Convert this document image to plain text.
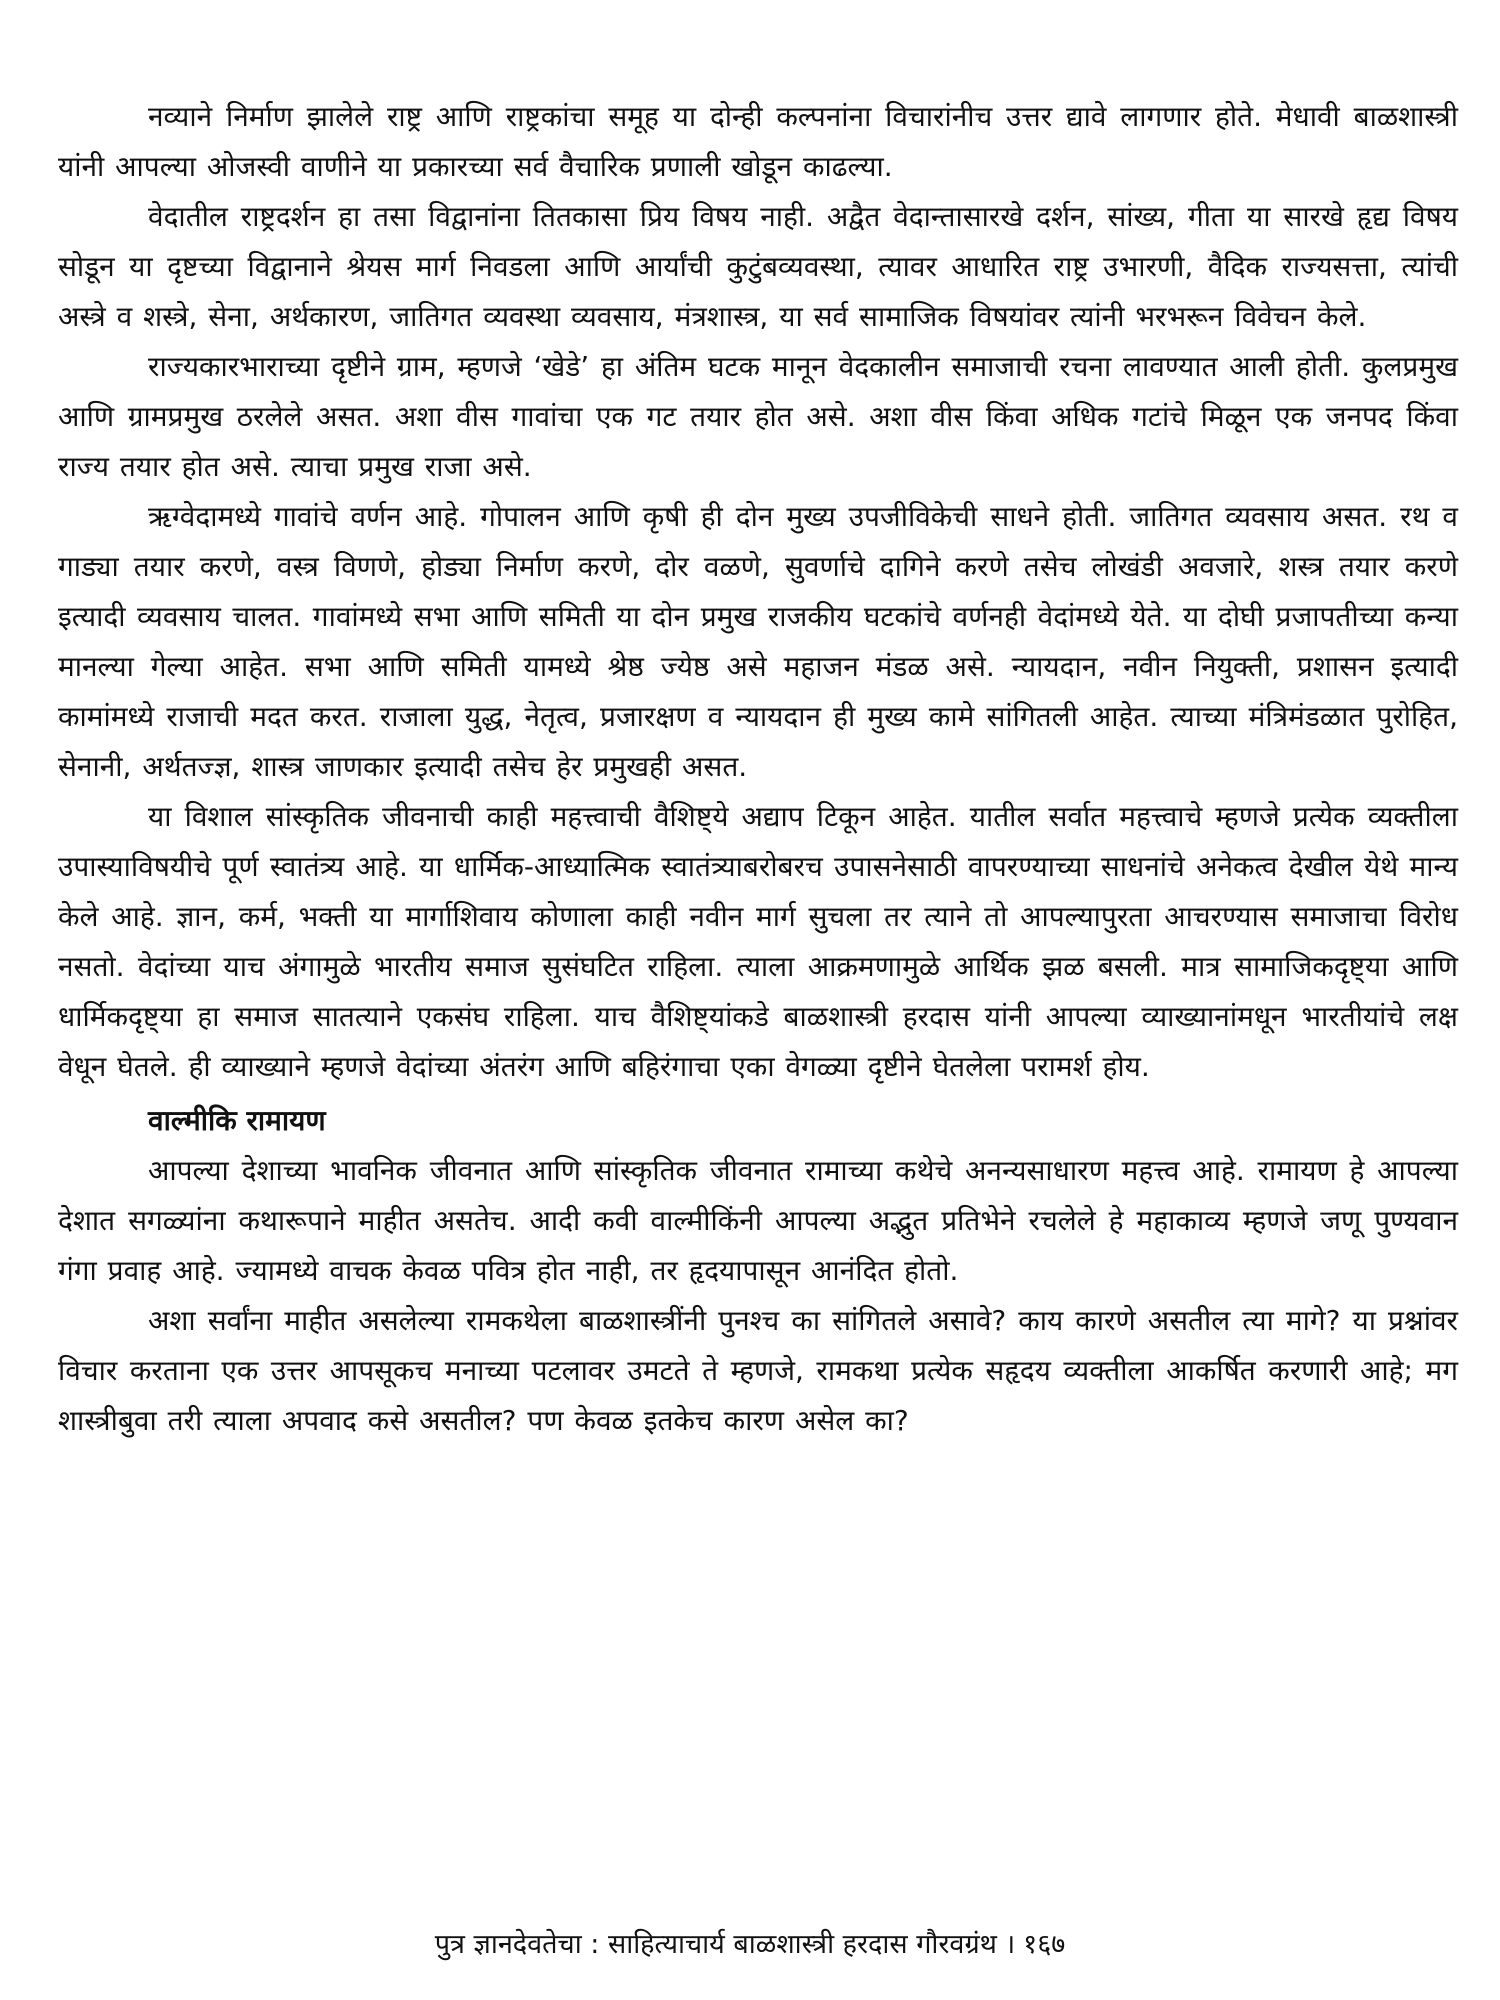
नव्याने निर्माण झालेले राष्ट्र आणि राष्ट्रकांचा समूह या दोन्ही कल्पनांना विचारांनीच उत्तर द्यावे लागणार होते. मेधावी बाळशास्त्री यांनी आपल्या ओजस्वी वाणीने या प्रकारच्या सर्व वैचारिक प्रणाली खोडून काढल्या.

वेदातील राष्ट्रदर्शन हा तसा विद्वानांना तितकासा प्रिय विषय नाही. अद्वैत वेदान्तासारखे दर्शन, सांख्य, गीता या सारखे हृद्य विषय सोडून या दृष्टच्या विद्वानाने श्रेयस मार्ग निवडला आणि आर्यांची कुटुंबव्यवस्था, त्यावर आधारित राष्ट्र उभारणी, वैदिक राज्यसत्ता, त्यांची अस्त्रे व शस्त्रे, सेना, अर्थकारण, जातिगत व्यवस्था व्यवसाय, मंत्रशास्त्र, या सर्व सामाजिक विषयांवर त्यांनी भरभरून विवेचन केले.

राज्यकारभाराच्या दृष्टीने ग्राम, म्हणजे ‘खेडे’ हा अंतिम घटक मानून वेदकालीन समाजाची रचना लावण्यात आली होती. कुलप्रमुख आणि ग्रामप्रमुख ठरलेले असत. अशा वीस गावांचा एक गट तयार होत असे. अशा वीस किंवा अधिक गटांचे मिळून एक जनपद किंवा राज्य तयार होत असे. त्याचा प्रमुख राजा असे.

ऋग्वेदामध्ये गावांचे वर्णन आहे. गोपालन आणि कृषी ही दोन मुख्य उपजीविकेची साधने होती. जातिगत व्यवसाय असत. रथ व गाड्या तयार करणे, वस्त्र विणणे, होड्या निर्माण करणे, दोर वळणे, सुवर्णाचे दागिने करणे तसेच लोखंडी अवजारे, शस्त्र तयार करणे इत्यादी व्यवसाय चालत. गावांमध्ये सभा आणि समिती या दोन प्रमुख राजकीय घटकांचे वर्णनही वेदांमध्ये येते. या दोघी प्रजापतीच्या कन्या मानल्या गेल्या आहेत. सभा आणि समिती यामध्ये श्रेष्ठ ज्येष्ठ असे महाजन मंडळ असे. न्यायदान, नवीन नियुक्ती, प्रशासन इत्यादी कामांमध्ये राजाची मदत करत. राजाला युद्ध, नेतृत्व, प्रजारक्षण व न्यायदान ही मुख्य कामे सांगितली आहेत. त्याच्या मंत्रिमंडळात पुरोहित, सेनानी, अर्थतज्ज्ञ, शास्त्र जाणकार इत्यादी तसेच हेर प्रमुखही असत.

या विशाल सांस्कृतिक जीवनाची काही महत्त्वाची वैशिष्ट्ये अद्याप टिकून आहेत. यातील सर्वात महत्त्वाचे म्हणजे प्रत्येक व्यक्तीला उपास्याविषयीचे पूर्ण स्वातंत्र्य आहे. या धार्मिक-आध्यात्मिक स्वातंत्र्याबरोबरच उपासनेसाठी वापरण्याच्या साधनांचे अनेकत्व देखील येथे मान्य केले आहे. ज्ञान, कर्म, भक्ती या मार्गाशिवाय कोणाला काही नवीन मार्ग सुचला तर त्याने तो आपल्यापुरता आचरण्यास समाजाचा विरोध नसतो. वेदांच्या याच अंगामुळे भारतीय समाज सुसंघटित राहिला. त्याला आक्रमणामुळे आर्थिक झळ बसली. मात्र सामाजिकदृष्ट्या आणि धार्मिकदृष्ट्या हा समाज सातत्याने एकसंघ राहिला. याच वैशिष्ट्यांकडे बाळशास्त्री हरदास यांनी आपल्या व्याख्यानांमधून भारतीयांचे लक्ष वेधून घेतले. ही व्याख्याने म्हणजे वेदांच्या अंतरंग आणि बहिरंगाचा एका वेगळ्या दृष्टीने घेतलेला परामर्श होय.

वाल्मीकि रामायण

आपल्या देशाच्या भावनिक जीवनात आणि सांस्कृतिक जीवनात रामाच्या कथेचे अनन्यसाधारण महत्त्व आहे. रामायण हे आपल्या देशात सगळ्यांना कथारूपाने माहीत असतेच. आदी कवी वाल्मीकिंनी आपल्या अद्भुत प्रतिभेने रचलेले हे महाकाव्य म्हणजे जणू पुण्यवान गंगा प्रवाह आहे. ज्यामध्ये वाचक केवळ पवित्र होत नाही, तर हृदयापासून आनंदित होतो.

अशा सर्वांना माहीत असलेल्या रामकथेला बाळशास्त्रींनी पुनश्च का सांगितले असावे? काय कारणे असतील त्या मागे? या प्रश्नांवर विचार करताना एक उत्तर आपसूकच मनाच्या पटलावर उमटते ते म्हणजे, रामकथा प्रत्येक सहृदय व्यक्तीला आकर्षित करणारी आहे; मग शास्त्रीबुवा तरी त्याला अपवाद कसे असतील? पण केवळ इतकेच कारण असेल का?

पुत्र ज्ञानदेवतेचा : साहित्याचार्य बाळशास्त्री हरदास गौरवग्रंथ । १६७
